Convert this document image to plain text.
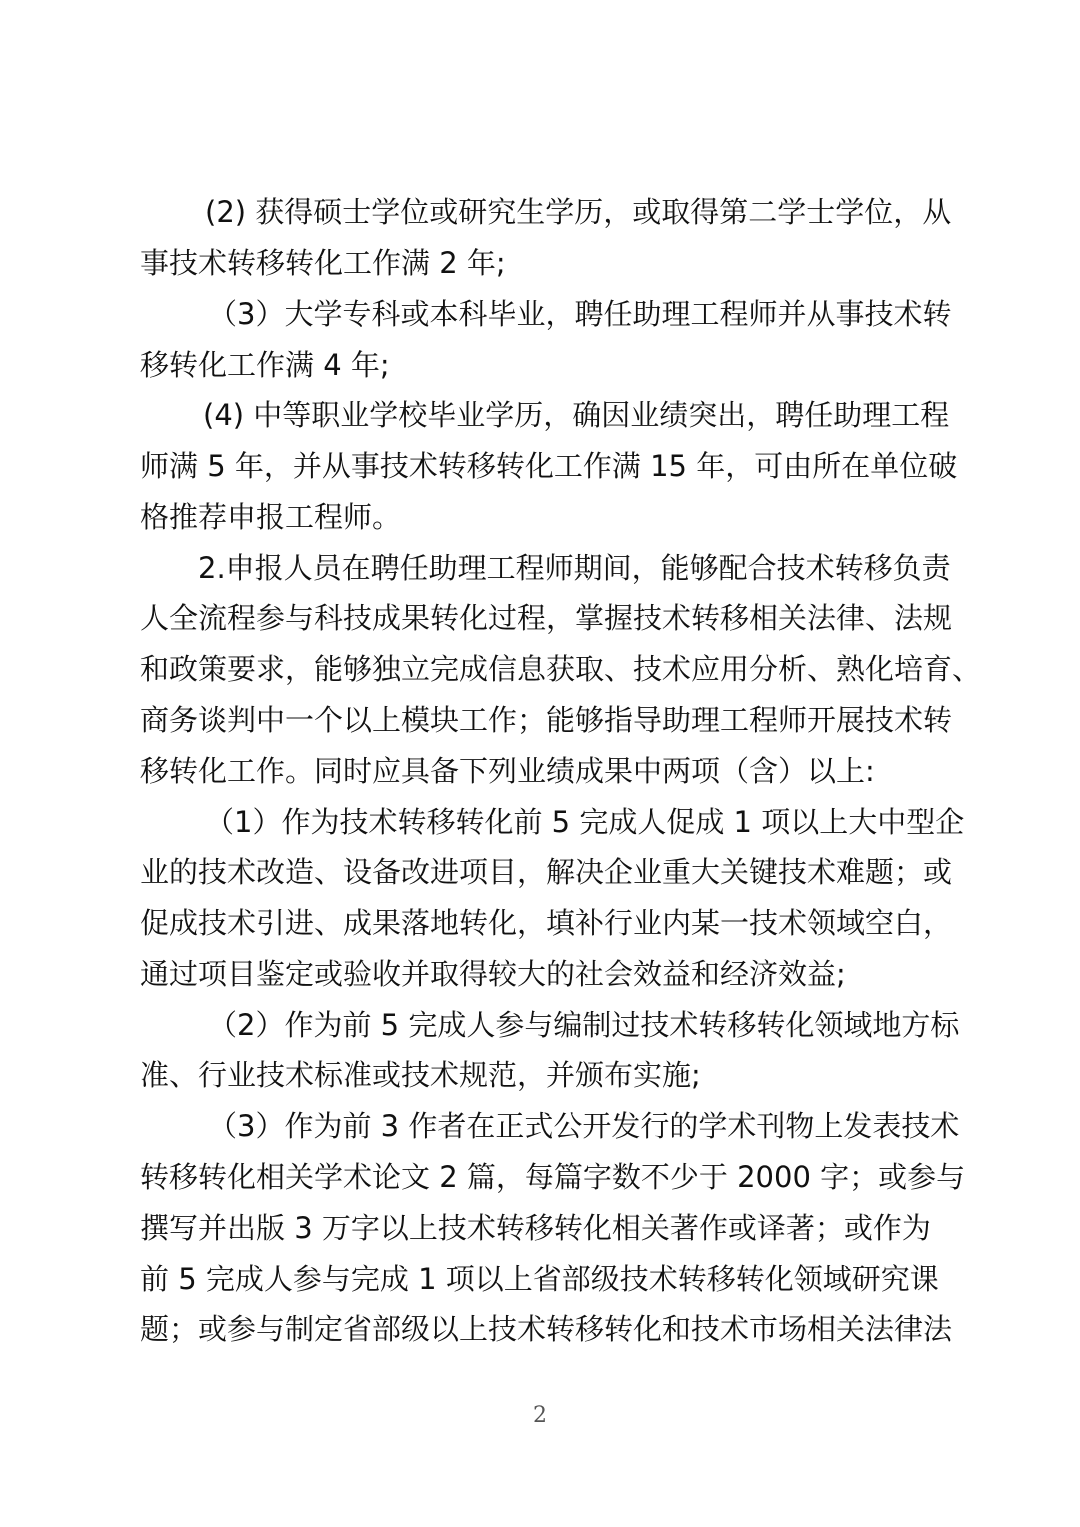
(2) 获得硕士学位或研究生学历，或取得第二学士学位，从
事技术转移转化工作满 2 年;
（3）大学专科或本科毕业，聘任助理工程师并从事技术转
移转化工作满 4 年;
(4) 中等职业学校毕业学历，确因业绩突出，聘任助理工程
师满 5 年，并从事技术转移转化工作满 15 年，可由所在单位破
格推荐申报工程师。
2.申报人员在聘任助理工程师期间，能够配合技术转移负责
人全流程参与科技成果转化过程，掌握技术转移相关法律、法规
和政策要求，能够独立完成信息获取、技术应用分析、熟化培育、
商务谈判中一个以上模块工作；能够指导助理工程师开展技术转
移转化工作。同时应具备下列业绩成果中两项（含）以上:
（1）作为技术转移转化前 5 完成人促成 1 项以上大中型企
业的技术改造、设备改进项目，解决企业重大关键技术难题；或
促成技术引进、成果落地转化，填补行业内某一技术领域空白，
通过项目鉴定或验收并取得较大的社会效益和经济效益;
（2）作为前 5 完成人参与编制过技术转移转化领域地方标
准、行业技术标准或技术规范，并颁布实施;
（3）作为前 3 作者在正式公开发行的学术刊物上发表技术
转移转化相关学术论文 2 篇，每篇字数不少于 2000 字；或参与
撰写并出版 3 万字以上技术转移转化相关著作或译著；或作为
前 5 完成人参与完成 1 项以上省部级技术转移转化领域研究课
题；或参与制定省部级以上技术转移转化和技术市场相关法律法
2
